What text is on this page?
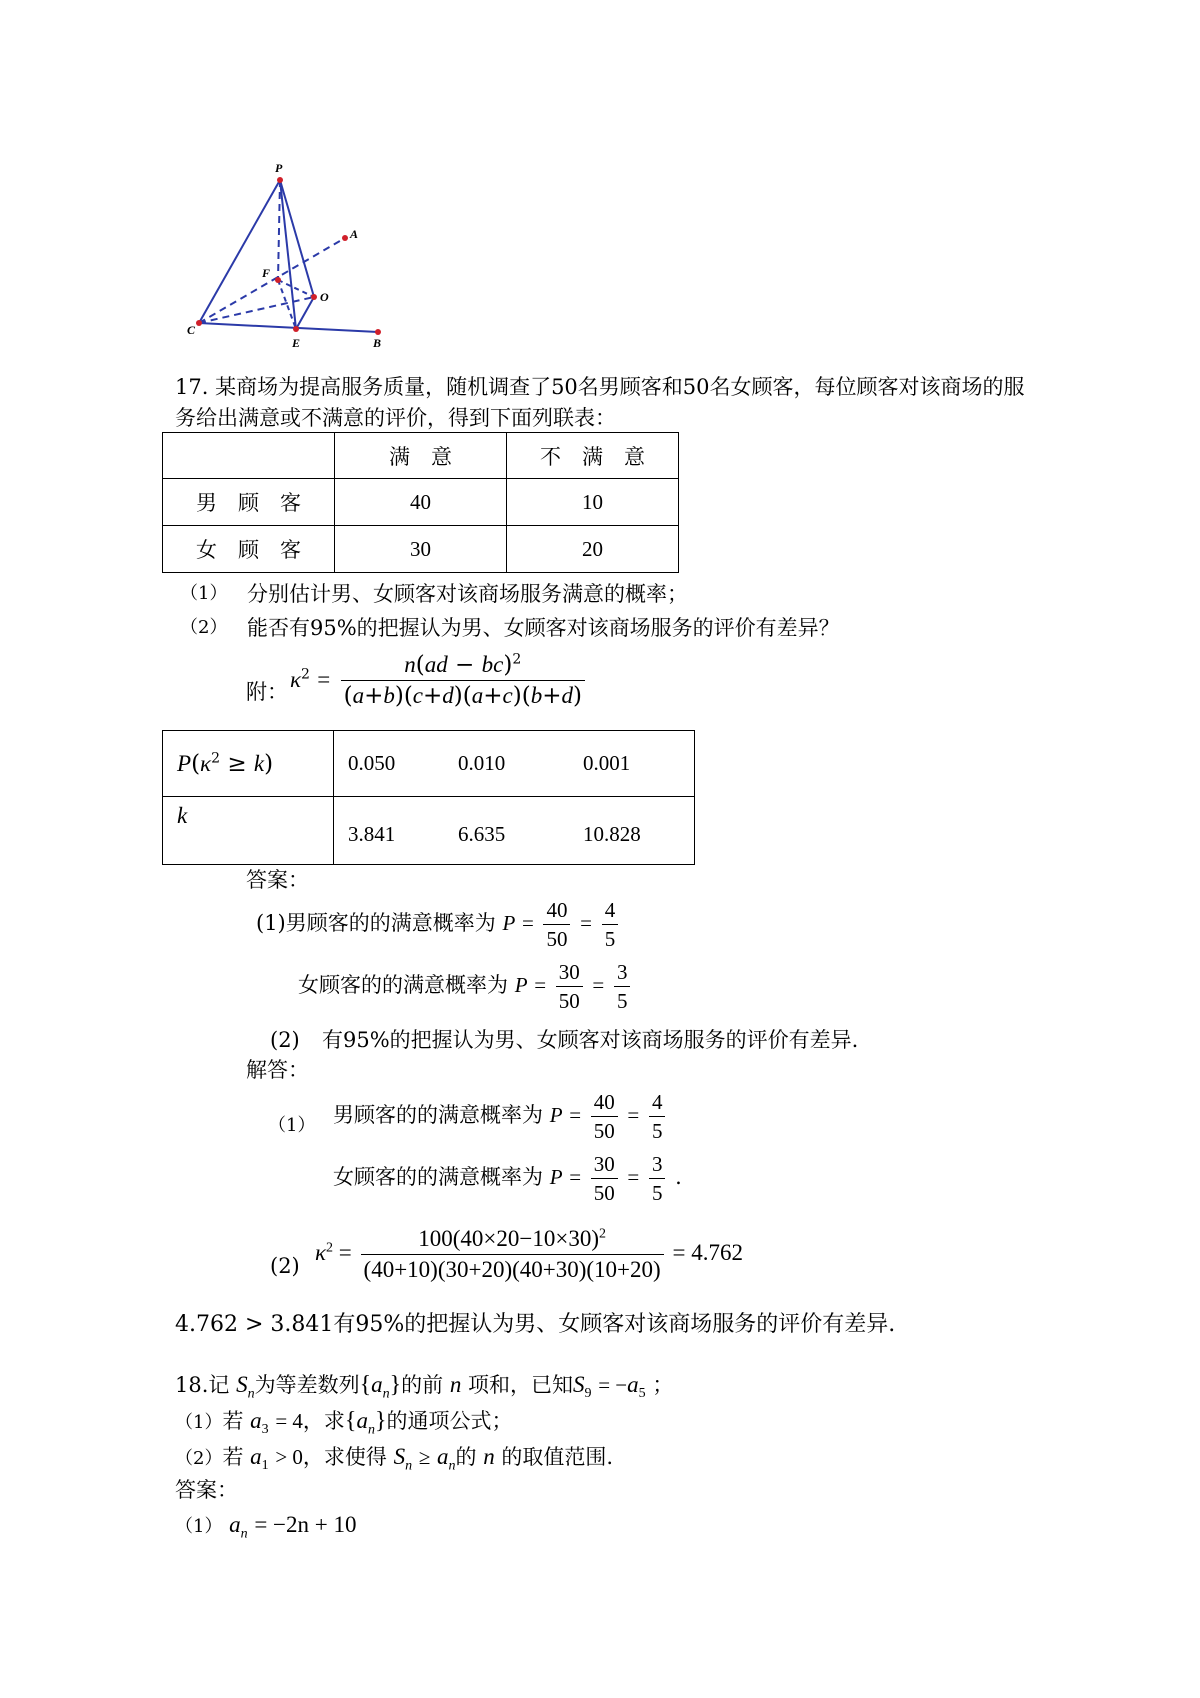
P
A
F
O
C
E	B
17. 某商场为提高服务质量，随机调查了50名男顾客和50名女顾客，每位顾客对该商场的服
务给出满意或不满意的评价，得到下面列联表：
	满　意	不　满　意
男　顾　客	40	10
女　顾　客	30	20
（1） 分别估计男、女顾客对该商场服务满意的概率；
（2） 能否有95%的把握认为男、女顾客对该商场服务的评价有差异？
附：
$\kappa^2 = \frac{n(ad - bc)^2}{(a+b)(c+d)(a+c)(b+d)}$
$P(\kappa^2 \ge k)$	0.050 0.010 0.001
k	3.841 6.635 10.828
答案：
(1)男顾客的的满意概率为 $P = \frac{40}{50} = \frac{4}{5}$
女顾客的的满意概率为 $P = \frac{30}{50} = \frac{3}{5}$
(2) 有95%的把握认为男、女顾客对该商场服务的评价有差异.
解答：
（1） 男顾客的的满意概率为 $P = \frac{40}{50} = \frac{4}{5}$
女顾客的的满意概率为 $P = \frac{30}{50} = \frac{3}{5}$ .
(2)
$\kappa^2 = \frac{100(40\times 20-10\times 30)^2}{(40+10)(30+20)(40+30)(10+20)} = 4.762$
4.762 > 3.841有95%的把握认为男、女顾客对该商场服务的评价有差异.
18.记 $S_n$为等差数列$\{a_n\}$的前 n 项和，已知$S_9 = -a_5$ ；
（1）若 $a_3 = 4$，求$\{a_n\}$的通项公式；
（2）若 $a_1 > 0$，求使得 $S_n \ge a_n$的 n 的取值范围.
答案：
（1） $a_n = -2n + 10$
